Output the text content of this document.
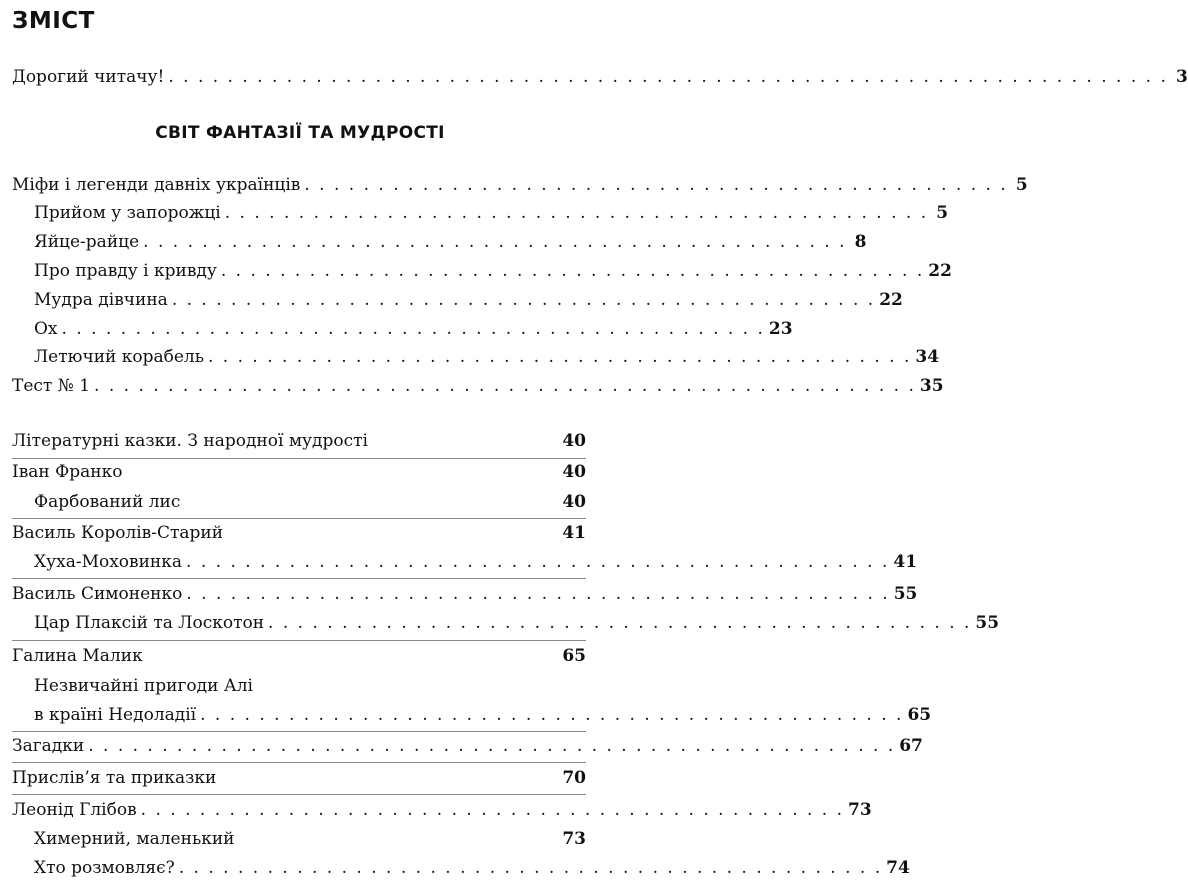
ЗМІСТ
Дорогий читачу! . . . . . . . . . . . . . . . . . . . . . . . . . . . . . . . . . . . . . . . . . . . . . . . . . . . . . . . . . . . . . . . . . . . . 3
СВІТ ФАНТАЗІЇ ТА МУДРОСТІ
Міфи і легенди давніх українців . . . . . . . . . . . . . . . . . . . . . . . . . . . . . . . . . . . . . . . . . . . . . . . . 5
Прийом у запорожці . . . . . . . . . . . . . . . . . . . . . . . . . . . . . . . . . . . . . . . . . . . . . . . . 5
Яйце-райце . . . . . . . . . . . . . . . . . . . . . . . . . . . . . . . . . . . . . . . . . . . . . . . . 8
Про правду і кривду . . . . . . . . . . . . . . . . . . . . . . . . . . . . . . . . . . . . . . . . . . . . . . . . 22
Мудра дівчина . . . . . . . . . . . . . . . . . . . . . . . . . . . . . . . . . . . . . . . . . . . . . . . . 22
Ох . . . . . . . . . . . . . . . . . . . . . . . . . . . . . . . . . . . . . . . . . . . . . . . . 23
Летючий корабель . . . . . . . . . . . . . . . . . . . . . . . . . . . . . . . . . . . . . . . . . . . . . . . . 34
Тест № 1 . . . . . . . . . . . . . . . . . . . . . . . . . . . . . . . . . . . . . . . . . . . . . . . . . . . . . . . . 35
Літературні казки. З народної мудрості
	40
Іван Франко
	40
Фарбований лис
	40
Василь Королів-Старий
	41
Хуха-Моховинка . . . . . . . . . . . . . . . . . . . . . . . . . . . . . . . . . . . . . . . . . . . . . . . . 41
Василь Симоненко . . . . . . . . . . . . . . . . . . . . . . . . . . . . . . . . . . . . . . . . . . . . . . . . 55
Цар Плаксій та Лоскотон . . . . . . . . . . . . . . . . . . . . . . . . . . . . . . . . . . . . . . . . . . . . . . . . 55
Галина Малик
	65
Незвичайні пригоди Алі
в країні Недоладії . . . . . . . . . . . . . . . . . . . . . . . . . . . . . . . . . . . . . . . . . . . . . . . . 65
Загадки . . . . . . . . . . . . . . . . . . . . . . . . . . . . . . . . . . . . . . . . . . . . . . . . . . . . . . . 67
Прислів’я та приказки
	70
Леонід Глібов . . . . . . . . . . . . . . . . . . . . . . . . . . . . . . . . . . . . . . . . . . . . . . . . 73
Химерний, маленький
	73
Хто розмовляє? . . . . . . . . . . . . . . . . . . . . . . . . . . . . . . . . . . . . . . . . . . . . . . . . 74
